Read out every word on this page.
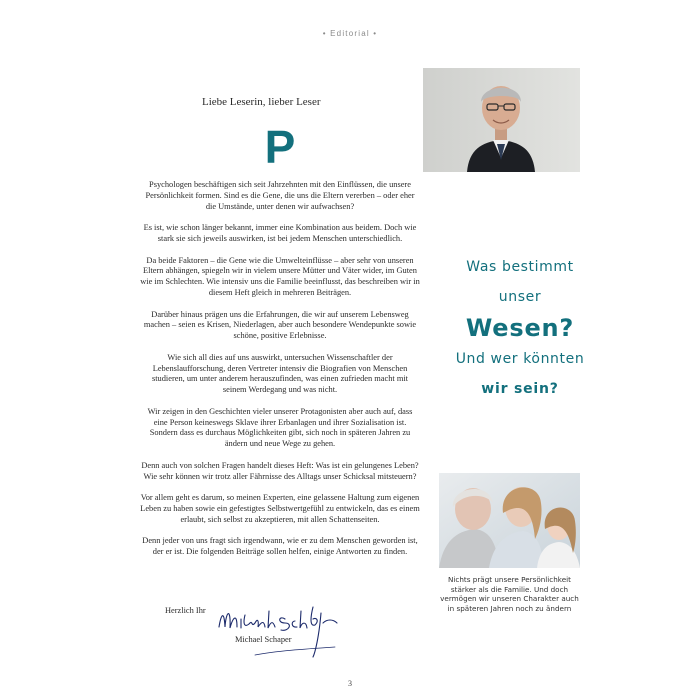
• Editorial •

Liebe Leserin, lieber Leser

P

Psychologen beschäftigen sich seit Jahrzehnten mit den Einflüssen, die unsere Persönlichkeit formen. Sind es die Gene, die uns die Eltern vererben – oder eher die Umstände, unter denen wir aufwachsen?

Es ist, wie schon länger bekannt, immer eine Kombination aus beidem. Doch wie stark sie sich jeweils auswirken, ist bei jedem Menschen unterschiedlich.

Da beide Faktoren – die Gene wie die Umwelteinflüsse – aber sehr von unseren Eltern abhängen, spiegeln wir in vielem unsere Mütter und Väter wider, im Guten wie im Schlechten. Wie intensiv uns die Familie beeinflusst, das beschreiben wir in diesem Heft gleich in mehreren Beiträgen.

Darüber hinaus prägen uns die Erfahrungen, die wir auf unserem Lebensweg machen – seien es Krisen, Niederlagen, aber auch besondere Wendepunkte sowie schöne, positive Erlebnisse.

Wie sich all dies auf uns auswirkt, untersuchen Wissenschaftler der Lebenslaufforschung, deren Vertreter intensiv die Biografien von Menschen studieren, um unter anderem herauszufinden, was einen zufrieden macht mit seinem Werdegang und was nicht.

Wir zeigen in den Geschichten vieler unserer Protagonisten aber auch auf, dass eine Person keineswegs Sklave ihrer Erbanlagen und ihrer Sozialisation ist. Sondern dass es durchaus Möglichkeiten gibt, sich noch in späteren Jahren zu ändern und neue Wege zu gehen.

Denn auch von solchen Fragen handelt dieses Heft: Was ist ein gelungenes Leben? Wie sehr können wir trotz aller Fährnisse des Alltags unser Schicksal mitsteuern?

Vor allem geht es darum, so meinen Experten, eine gelassene Haltung zum eigenen Leben zu haben sowie ein gefestigtes Selbstwertgefühl zu entwickeln, das es einem erlaubt, sich selbst zu akzeptieren, mit allen Schattenseiten.

Denn jeder von uns fragt sich irgendwann, wie er zu dem Menschen geworden ist, der er ist. Die folgenden Beiträge sollen helfen, einige Antworten zu finden.

Herzlich Ihr
Michael Schaper
Was bestimmt
unser
Wesen?
Und wer könnten
wir sein?
Nichts prägt unsere Persönlichkeit stärker als die Familie. Und doch vermögen wir unseren Charakter auch in späteren Jahren noch zu ändern
3
